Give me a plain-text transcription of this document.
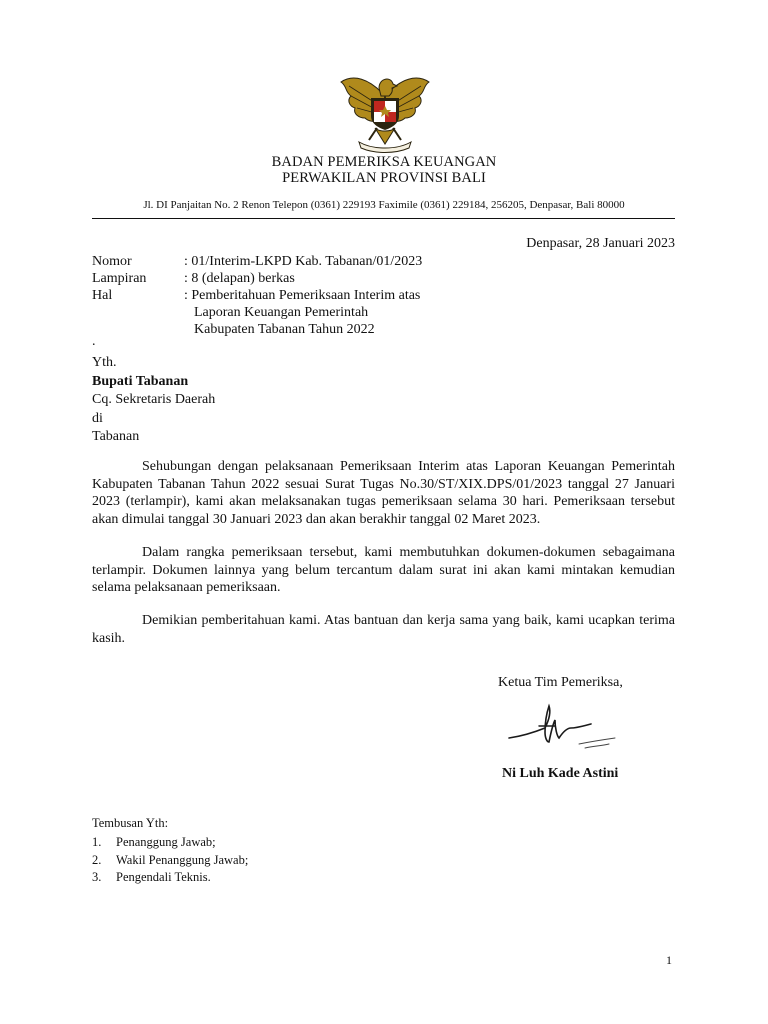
BADAN PEMERIKSA KEUANGAN
PERWAKILAN PROVINSI BALI
Jl. DI Panjaitan No. 2 Renon Telepon (0361) 229193 Faximile (0361) 229184, 256205, Denpasar, Bali 80000
Denpasar, 28 Januari 2023
Nomor	: 01/Interim-LKPD Kab. Tabanan/01/2023
Lampiran	: 8 (delapan) berkas
Hal	: Pemberitahuan Pemeriksaan Interim atas
Laporan Keuangan Pemerintah
Kabupaten Tabanan Tahun 2022
.
Yth.
Bupati Tabanan
Cq. Sekretaris Daerah
di
Tabanan
Sehubungan dengan pelaksanaan Pemeriksaan Interim atas Laporan Keuangan Pemerintah Kabupaten Tabanan Tahun 2022 sesuai Surat Tugas No.30/ST/XIX.DPS/01/2023 tanggal 27 Januari 2023 (terlampir), kami akan melaksanakan tugas pemeriksaan selama 30 hari. Pemeriksaan tersebut akan dimulai tanggal 30 Januari 2023 dan akan berakhir tanggal 02 Maret 2023.
Dalam rangka pemeriksaan tersebut, kami membutuhkan dokumen-dokumen sebagaimana terlampir. Dokumen lainnya yang belum tercantum dalam surat ini akan kami mintakan kemudian selama pelaksanaan pemeriksaan.
Demikian pemberitahuan kami. Atas bantuan dan kerja sama yang baik, kami ucapkan terima kasih.
Ketua Tim Pemeriksa,
Ni Luh Kade Astini
Tembusan Yth:
1.	Penanggung Jawab;
2.	Wakil Penanggung Jawab;
3.	Pengendali Teknis.
1
